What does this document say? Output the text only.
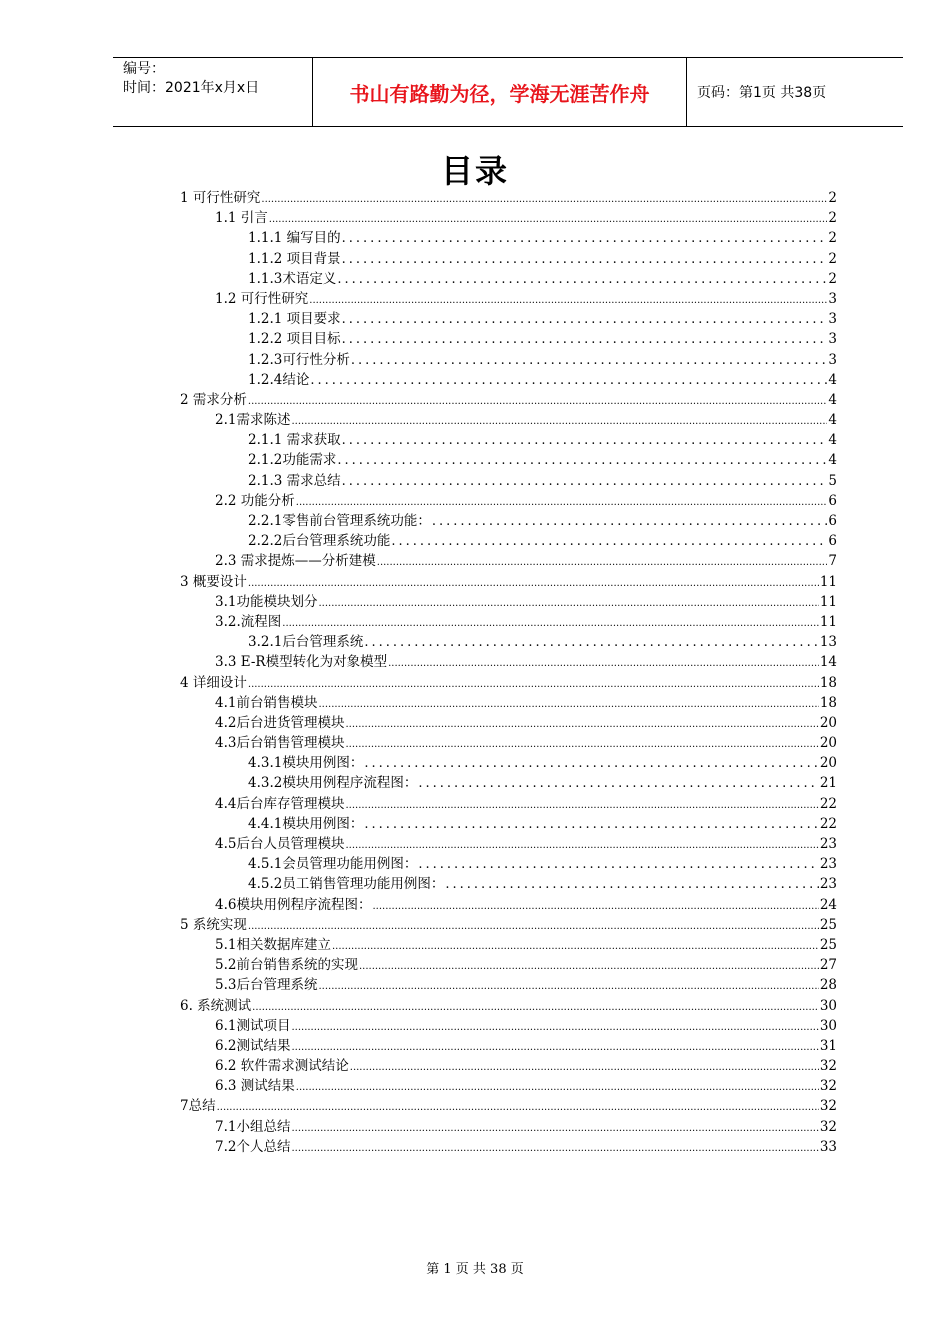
编号：
时间：2021年x月x日	书山有路勤为径，学海无涯苦作舟	页码：第1页 共38页
目录
1 可行性研究 .....	2
1.1 引言 .....	2
1.1.1 编写目的 .....	2
1.1.2 项目背景 .....	2
1.1.3术语定义 .....	2
1.2 可行性研究 .....	3
1.2.1 项目要求 .....	3
1.2.2 项目目标 .....	3
1.2.3可行性分析 .....	3
1.2.4结论 .....	4
2 需求分析 .....	4
2.1需求陈述 .....	4
2.1.1 需求获取 .....	4
2.1.2功能需求 .....	4
2.1.3 需求总结 .....	5
2.2 功能分析 .....	6
2.2.1零售前台管理系统功能： .....	6
2.2.2后台管理系统功能 .....	6
2.3 需求提炼——分析建模 .....	7
3 概要设计 .....	11
3.1功能模块划分 .....	11
3.2.流程图 .....	11
3.2.1后台管理系统 .....	13
3.3 E-R模型转化为对象模型 .....	14
4 详细设计 .....	18
4.1前台销售模块 .....	18
4.2后台进货管理模块 .....	20
4.3后台销售管理模块 .....	20
4.3.1模块用例图： .....	20
4.3.2模块用例程序流程图： .....	21
4.4后台库存管理模块 .....	22
4.4.1模块用例图： .....	22
4.5后台人员管理模块 .....	23
4.5.1会员管理功能用例图： .....	23
4.5.2员工销售管理功能用例图： .....	23
4.6模块用例程序流程图： .....	24
5 系统实现 .....	25
5.1相关数据库建立 .....	25
5.2前台销售系统的实现 .....	27
5.3后台管理系统 .....	28
6. 系统测试 .....	30
6.1测试项目 .....	30
6.2测试结果 .....	31
6.2 软件需求测试结论 .....	32
6.3 测试结果 .....	32
7总结 .....	32
7.1小组总结 .....	32
7.2个人总结 .....	33
第 1 页 共 38 页
